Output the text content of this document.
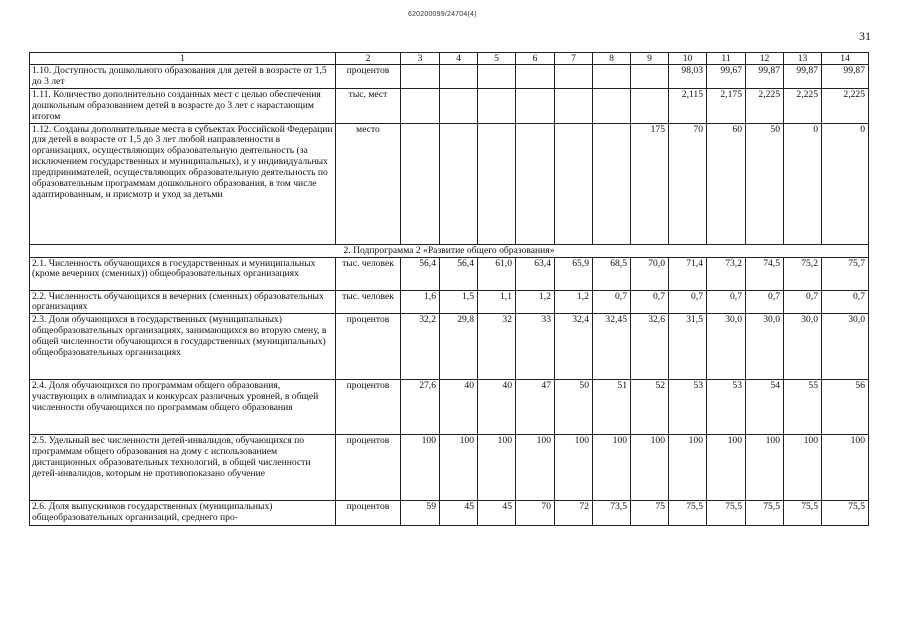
620200099/24704(4)
31
1	2	3	4	5	6	7	8	9	10	11	12	13	14
1.10. Доступность дошкольного образования для детей в возрасте от 1,5 до 3 лет	процентов								98,03	99,67	99,87	99,87	99,87
1.11. Количество дополнительно созданных мест с целью обеспечения дошкольным образованием детей в возрасте до 3 лет с нарастающим итогом	тыс. мест								2,115	2,175	2,225	2,225	2,225
1.12. Созданы дополнительные места в субъектах Российской Федерации для детей в возрасте от 1,5 до 3 лет любой направленности в организациях, осуществляющих образовательную деятельность (за исключением государственных и муниципальных), и у индивидуальных предпринимателей, осуществляющих образовательную деятельность по образовательным программам дошкольного образования, в том числе адаптированным, и присмотр и уход за детьми	место							175	70	60	50	0	0
2. Подпрограмма 2 «Развитие общего образования»													
2.1. Численность обучающихся в государственных и муниципальных (кроме вечерних (сменных)) общеобразовательных организациях	тыс. человек	56,4	56,4	61,0	63,4	65,9	68,5	70,0	71,4	73,2	74,5	75,2	75,7
2.2. Численность обучающихся в вечерних (сменных) образовательных организациях	тыс. человек	1,6	1,5	1,1	1,2	1,2	0,7	0,7	0,7	0,7	0,7	0,7	0,7
2.3. Доля обучающихся в государственных (муниципальных) общеобразовательных организациях, занимающихся во вторую смену, в общей численности обучающихся в государственных (муниципальных) общеобразовательных организациях	процентов	32,2	29,8	32	33	32,4	32,45	32,6	31,5	30,0	30,0	30,0	30,0
2.4. Доля обучающихся по программам общего образования, участвующих в олимпиадах и конкурсах различных уровней, в общей численности обучающихся по программам общего образования	процентов	27,6	40	40	47	50	51	52	53	53	54	55	56
2.5. Удельный вес численности детей-инвалидов, обучающихся по программам общего образования на дому с использованием дистанционных образовательных технологий, в общей численности детей-инвалидов, которым не противопоказано обучение	процентов	100	100	100	100	100	100	100	100	100	100	100	100
2.6. Доля выпускников государственных (муниципальных) общеобразовательных организаций, среднего про-	процентов	59	45	45	70	72	73,5	75	75,5	75,5	75,5	75,5	75,5
